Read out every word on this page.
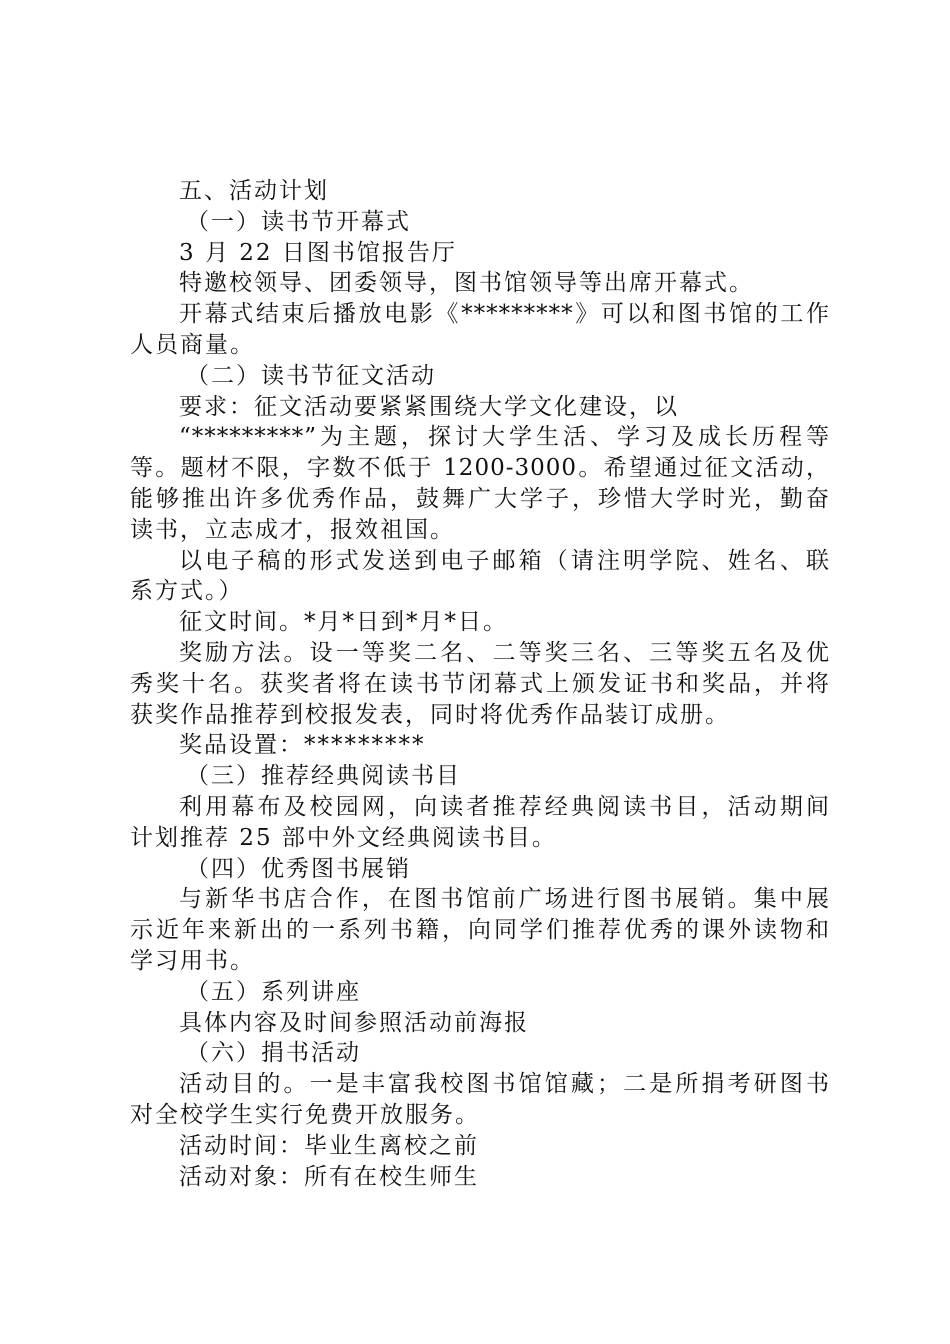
五、活动计划
（一）读书节开幕式
3 月 22 日图书馆报告厅
特邀校领导、团委领导，图书馆领导等出席开幕式。
开幕式结束后播放电影《*********》可以和图书馆的工作
人员商量。
（二）读书节征文活动
要求：征文活动要紧紧围绕大学文化建设，以
“*********”为主题，探讨大学生活、学习及成长历程等
等。题材不限，字数不低于 1200-3000。希望通过征文活动，
能够推出许多优秀作品，鼓舞广大学子，珍惜大学时光，勤奋
读书，立志成才，报效祖国。
以电子稿的形式发送到电子邮箱（请注明学院、姓名、联
系方式。）
征文时间。*月*日到*月*日。
奖励方法。设一等奖二名、二等奖三名、三等奖五名及优
秀奖十名。获奖者将在读书节闭幕式上颁发证书和奖品，并将
获奖作品推荐到校报发表，同时将优秀作品装订成册。
奖品设置：*********
（三）推荐经典阅读书目
利用幕布及校园网，向读者推荐经典阅读书目，活动期间
计划推荐 25 部中外文经典阅读书目。
（四）优秀图书展销
与新华书店合作，在图书馆前广场进行图书展销。集中展
示近年来新出的一系列书籍，向同学们推荐优秀的课外读物和
学习用书。
（五）系列讲座
具体内容及时间参照活动前海报
（六）捐书活动
活动目的。一是丰富我校图书馆馆藏；二是所捐考研图书
对全校学生实行免费开放服务。
活动时间：毕业生离校之前
活动对象：所有在校生师生
